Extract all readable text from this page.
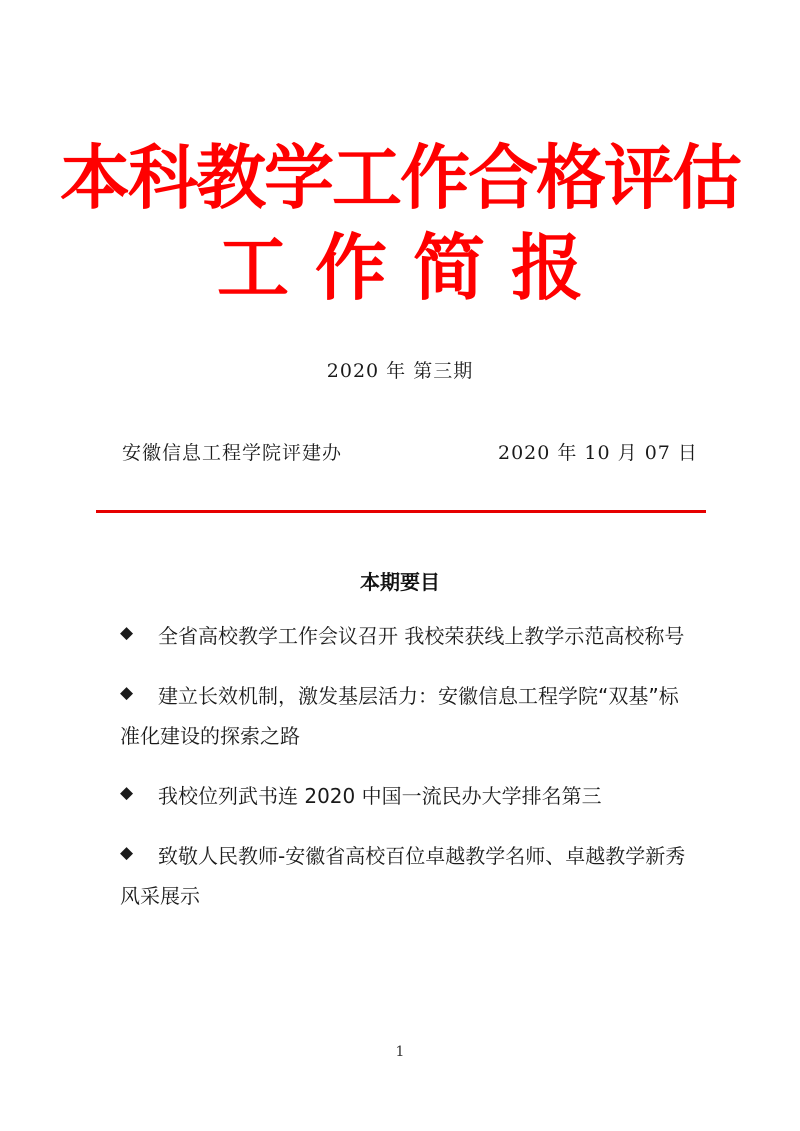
本科教学工作合格评估
工作简报
2020 年 第三期
安徽信息工程学院评建办	2020 年 10 月 07 日
本期要目
◆	全省高校教学工作会议召开 我校荣获线上教学示范高校称号
◆	建立长效机制，激发基层活力：安徽信息工程学院“双基”标准化建设的探索之路
◆	我校位列武书连 2020 中国一流民办大学排名第三
◆	致敬人民教师-安徽省高校百位卓越教学名师、卓越教学新秀风采展示
1
